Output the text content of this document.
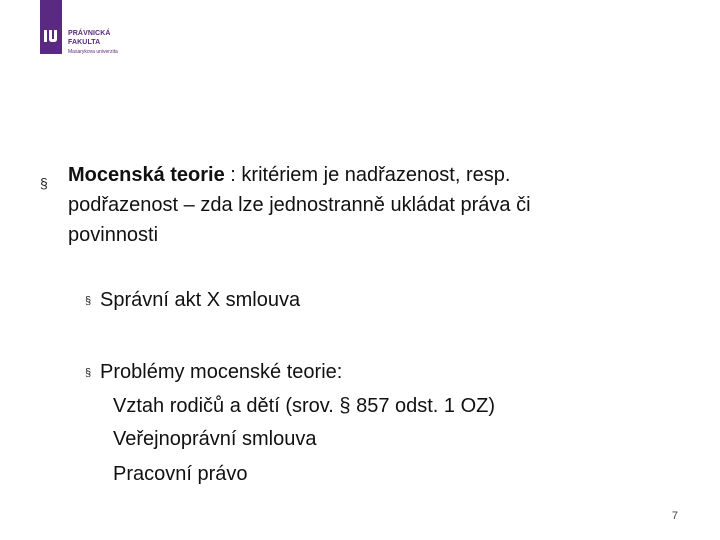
PRÁVNICKÁ
FAKULTA
Masarykova univerzita
§	Mocenská teorie : kritériem je nadřazenost, resp.
podřazenost – zda lze jednostranně ukládat práva či
povinnosti
§ Správní akt X smlouva
§ Problémy mocenské teorie:
Vztah rodičů a dětí (srov. § 857 odst. 1 OZ)
Veřejnoprávní smlouva
Pracovní právo
7
